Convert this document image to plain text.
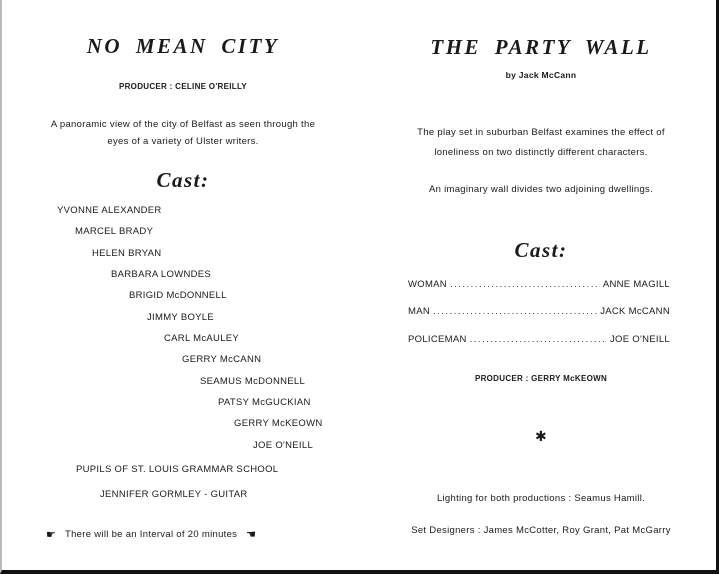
NO MEAN CITY
PRODUCER : CELINE O'REILLY
A panoramic view of the city of Belfast as seen through the
eyes of a variety of Ulster writers.
Cast:
YVONNE ALEXANDER
MARCEL BRADY
HELEN BRYAN
BARBARA LOWNDES
BRIGID McDONNELL
JIMMY BOYLE
CARL McAULEY
GERRY McCANN
SEAMUS McDONNELL
PATSY McGUCKIAN
GERRY McKEOWN
JOE O'NEILL
PUPILS OF ST. LOUIS GRAMMAR SCHOOL
JENNIFER GORMLEY - GUITAR
☛ There will be an Interval of 20 minutes ☚
THE PARTY WALL
by Jack McCann
The play set in suburban Belfast examines the effect of
loneliness on two distinctly different characters.
An imaginary wall divides two adjoining dwellings.
Cast:
WOMAN .....	ANNE MAGILL
MAN .....	JACK McCANN
POLICEMAN .....	JOE O'NEILL
PRODUCER : GERRY McKEOWN
✱
Lighting for both productions : Seamus Hamill.
Set Designers : James McCotter, Roy Grant, Pat McGarry
